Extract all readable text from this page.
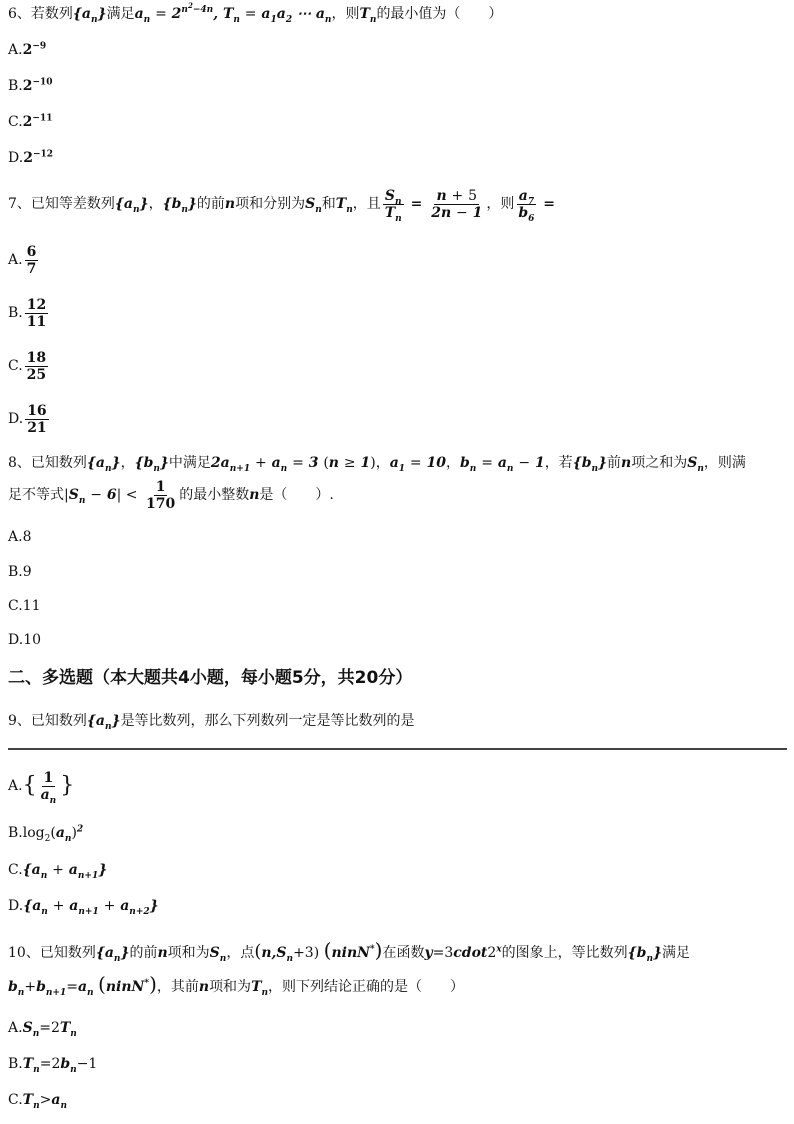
6、若数列$\{a_n\}$满足$a_n = 2^{n^2-4n}$, $T_n = a_1a_2$ ⋯ $a_n$，则$T_n$的最小值为（　　）
$A.2^{-9}$
$B.2^{-10}$
$C.2^{-11}$
$D.2^{-12}$
7、已知等差数列$\{a_n\}$，$\{b_n\}$的前n项和分别为$S_n$和$T_n$，且 $\frac{S_n}{T_n} = \frac{n + 5}{2n - 1}$ ，则 $\frac{a_7}{b_6}$ =
A. $\frac{6}{7}$
B. $\frac{12}{11}$
C. $\frac{18}{25}$
D. $\frac{16}{21}$
8、已知数列$\{a_n\}$，$\{b_n\}$中满足$2a_{n+1} + a_n = 3$ (n ≥ 1)，$a_1 = 10$，$b_n = a_n - 1$，若$\{b_n\}$前n项之和为$S_n$，则满
足不等式$|S_n - 6| < \frac{1}{170}$ 的最小整数n是（　　）.
A.8
B.9
C.11
D.10
二、多选题（本大题共4小题，每小题5分，共20分）
9、已知数列$\{a_n\}$是等比数列，那么下列数列一定是等比数列的是
$A.\{ \frac{1}{a_n}$ }
$B.\log_2(a_n)^2$
$C.\{a_n + a_{n+1}\}$
$D.\{a_n + a_{n+1} + a_{n+2}\}$
10、已知数列$\{a_n\}$的前n项和为$S_n$，点$(n,S_n+3)$ (ninN*)在函数$y=3cdot2^x$的图象上，等比数列$\{b_n\}$满足
$b_n+b_{n+1}=a_n$ (ninN*)，其前n项和为$T_n$，则下列结论正确的是（　　）
$A.S_n=2T_n$
$B.T_n=2b_n-1$
$C.T_n>a_n$
